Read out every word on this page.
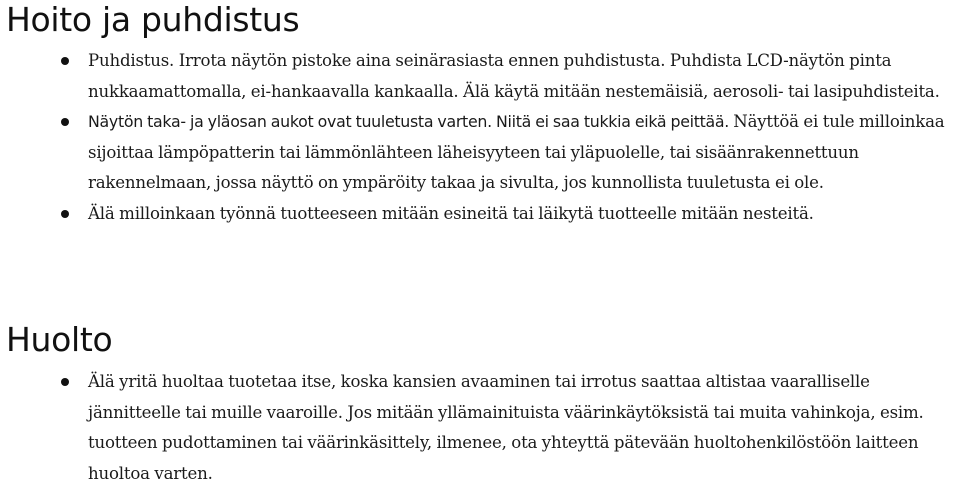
Hoito ja puhdistus
Puhdistus. Irrota näytön pistoke aina seinärasiasta ennen puhdistusta. Puhdista LCD-näytön pinta nukkaamattomalla, ei-hankaavalla kankaalla. Älä käytä mitään nestemäisiä, aerosoli- tai lasipuhdisteita.
Näytön taka- ja yläosan aukot ovat tuuletusta varten. Niitä ei saa tukkia eikä peittää. Näyttöä ei tule milloinkaa sijoittaa lämpöpatterin tai lämmönlähteen läheisyyteen tai yläpuolelle, tai sisäänrakennettuun rakennelmaan, jossa näyttö on ympäröity takaa ja sivulta, jos kunnollista tuuletusta ei ole.
Älä milloinkaan työnnä tuotteeseen mitään esineitä tai läikytä tuotteelle mitään nesteitä.
Huolto
Älä yritä huoltaa tuotetaa itse, koska kansien avaaminen tai irrotus saattaa altistaa vaaralliselle jännitteelle tai muille vaaroille. Jos mitään yllämainituista väärinkäytöksistä tai muita vahinkoja, esim. tuotteen pudottaminen tai väärinkäsittely, ilmenee, ota yhteyttä pätevään huoltohenkilöstöön laitteen huoltoa varten.
